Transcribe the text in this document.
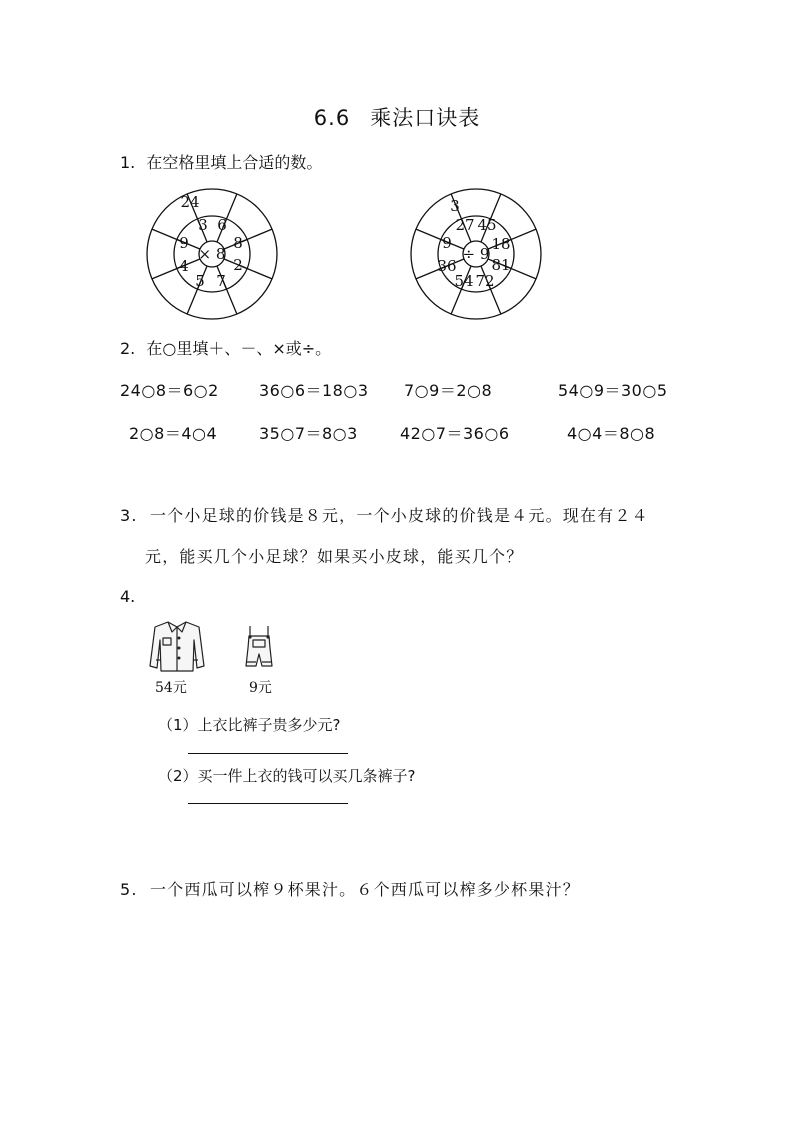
6.6 乘法口诀表
1. 在空格里填上合适的数。
× 8
3 6
8
2
7
5
4
9
24
÷ 9
27 45
18
81
72
54
36
9
3
2. 在○里填＋、－、×或÷。
24○8＝6○2	36○6＝18○3 7○9＝2○8	54○9＝30○5
2○8＝4○4	35○7＝8○3	42○7＝36○6	4○4＝8○8
3. 一个小足球的价钱是８元，一个小皮球的价钱是４元。现在有２４
元，能买几个小足球？如果买小皮球，能买几个？
4.
54元	9元
（1）上衣比裤子贵多少元?
（2）买一件上衣的钱可以买几条裤子?
5. 一个西瓜可以榨９杯果汁。６个西瓜可以榨多少杯果汁？
